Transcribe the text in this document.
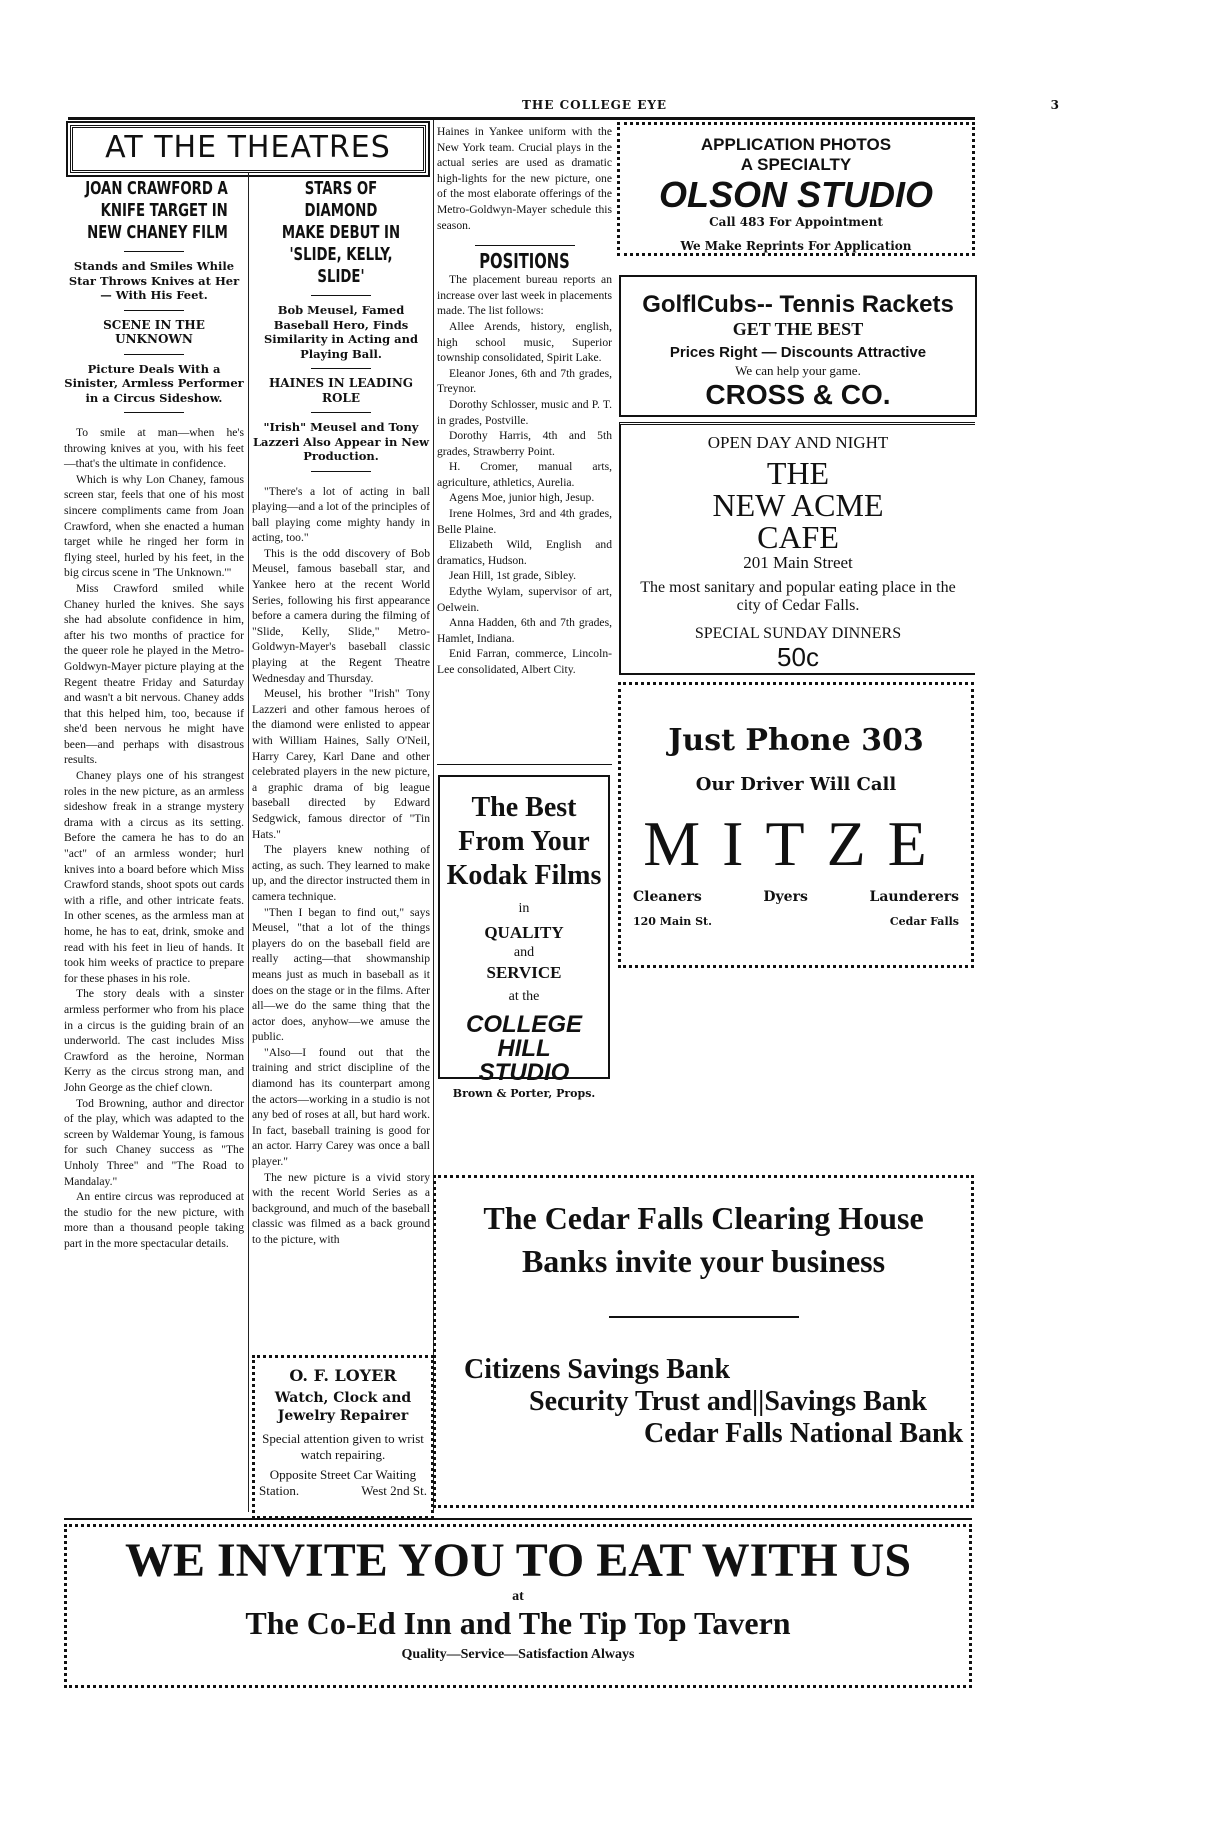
THE COLLEGE EYE	3
AT THE THEATRES
JOAN CRAWFORD A
KNIFE TARGET IN
NEW CHANEY FILM
Stands and Smiles While Star Throws Knives at Her— With His Feet.
SCENE IN THE UNKNOWN
Picture Deals With a Sinister, Armless Performer in a Circus Sideshow.

To smile at man—when he's throwing knives at you, with his feet—that's the ultimate in confidence.

Which is why Lon Chaney, famous screen star, feels that one of his most sincere compliments came from Joan Crawford, when she enacted a human target while he ringed her form in flying steel, hurled by his feet, in the big circus scene in 'The Unknown.'"

Miss Crawford smiled while Chaney hurled the knives. She says she had absolute confidence in him, after his two months of practice for the queer role he played in the Metro-Goldwyn-Mayer picture playing at the Regent theatre Friday and Saturday and wasn't a bit nervous. Chaney adds that this helped him, too, because if she'd been nervous he might have been—and perhaps with disastrous results.

Chaney plays one of his strangest roles in the new picture, as an armless sideshow freak in a strange mystery drama with a circus as its setting. Before the camera he has to do an "act" of an armless wonder; hurl knives into a board before which Miss Crawford stands, shoot spots out cards with a rifle, and other intricate feats. In other scenes, as the armless man at home, he has to eat, drink, smoke and read with his feet in lieu of hands. It took him weeks of practice to prepare for these phases in his role.

The story deals with a sinster armless performer who from his place in a circus is the guiding brain of an underworld. The cast includes Miss Crawford as the heroine, Norman Kerry as the circus strong man, and John George as the chief clown.

Tod Browning, author and director of the play, which was adapted to the screen by Waldemar Young, is famous for such Chaney success as "The Unholy Three" and "The Road to Mandalay."

An entire circus was reproduced at the studio for the new picture, with more than a thousand people taking part in the more spectacular details.

STARS OF DIAMOND
MAKE DEBUT IN
'SLIDE, KELLY, SLIDE'
Bob Meusel, Famed Baseball Hero, Finds Similarity in Acting and Playing Ball.
HAINES IN LEADING ROLE
"Irish" Meusel and Tony Lazzeri Also Appear in New Production.

"There's a lot of acting in ball playing—and a lot of the principles of ball playing come mighty handy in acting, too."

This is the odd discovery of Bob Meusel, famous baseball star, and Yankee hero at the recent World Series, following his first appearance before a camera during the filming of "Slide, Kelly, Slide," Metro-Goldwyn-Mayer's baseball classic playing at the Regent Theatre Wednesday and Thursday.

Meusel, his brother "Irish" Tony Lazzeri and other famous heroes of the diamond were enlisted to appear with William Haines, Sally O'Neil, Harry Carey, Karl Dane and other celebrated players in the new picture, a graphic drama of big league baseball directed by Edward Sedgwick, famous director of "Tin Hats."

The players knew nothing of acting, as such. They learned to make up, and the director instructed them in camera technique.

"Then I began to find out," says Meusel, "that a lot of the things players do on the baseball field are really acting—that showmanship means just as much in baseball as it does on the stage or in the films. After all—we do the same thing that the actor does, anyhow—we amuse the public.

"Also—I found out that the training and strict discipline of the diamond has its counterpart among the actors—working in a studio is not any bed of roses at all, but hard work. In fact, baseball training is good for an actor. Harry Carey was once a ball player."

The new picture is a vivid story with the recent World Series as a background, and much of the baseball classic was filmed as a back ground to the picture, with

O. F. LOYER
Watch, Clock and Jewelry Repairer
Special attention given to wrist watch repairing.
Opposite Street Car Waiting
Station.	West 2nd St.

Haines in Yankee uniform with the New York team. Crucial plays in the actual series are used as dramatic high-lights for the new picture, one of the most elaborate offerings of the Metro-Goldwyn-Mayer schedule this season.

POSITIONS

The placement bureau reports an increase over last week in placements made. The list follows:

Allee Arends, history, english, high school music, Superior township consolidated, Spirit Lake.

Eleanor Jones, 6th and 7th grades, Treynor.

Dorothy Schlosser, music and P. T. in grades, Postville.

Dorothy Harris, 4th and 5th grades, Strawberry Point.

H. Cromer, manual arts, agriculture, athletics, Aurelia.

Agens Moe, junior high, Jesup.

Irene Holmes, 3rd and 4th grades, Belle Plaine.

Elizabeth Wild, English and dramatics, Hudson.

Jean Hill, 1st grade, Sibley.

Edythe Wylam, supervisor of art, Oelwein.

Anna Hadden, 6th and 7th grades, Hamlet, Indiana.

Enid Farran, commerce, Lincoln-Lee consolidated, Albert City.

The Best
From Your
Kodak Films
in
QUALITY
and
SERVICE
at the
COLLEGE HILL
STUDIO
Brown & Porter, Props.
APPLICATION PHOTOS
A SPECIALTY
OLSON STUDIO
Call 483 For Appointment
We Make Reprints For Application
GolflCubs-- Tennis Rackets
GET THE BEST
Prices Right — Discounts Attractive
We can help your game.
CROSS & CO.
OPEN DAY AND NIGHT
THE
NEW ACME
CAFE
201 Main Street
The most sanitary and popular eating place in the city of Cedar Falls.
SPECIAL SUNDAY DINNERS
50c
Just Phone 303
Our Driver Will Call
MITZE
Cleaners	Dyers	Launderers
120 Main St.	Cedar Falls
The Cedar Falls Clearing House
Banks invite your business
Citizens Savings Bank
Security Trust and||Savings Bank
Cedar Falls National Bank
WE INVITE YOU TO EAT WITH US
at
The Co-Ed Inn and The Tip Top Tavern
Quality—Service—Satisfaction Always
